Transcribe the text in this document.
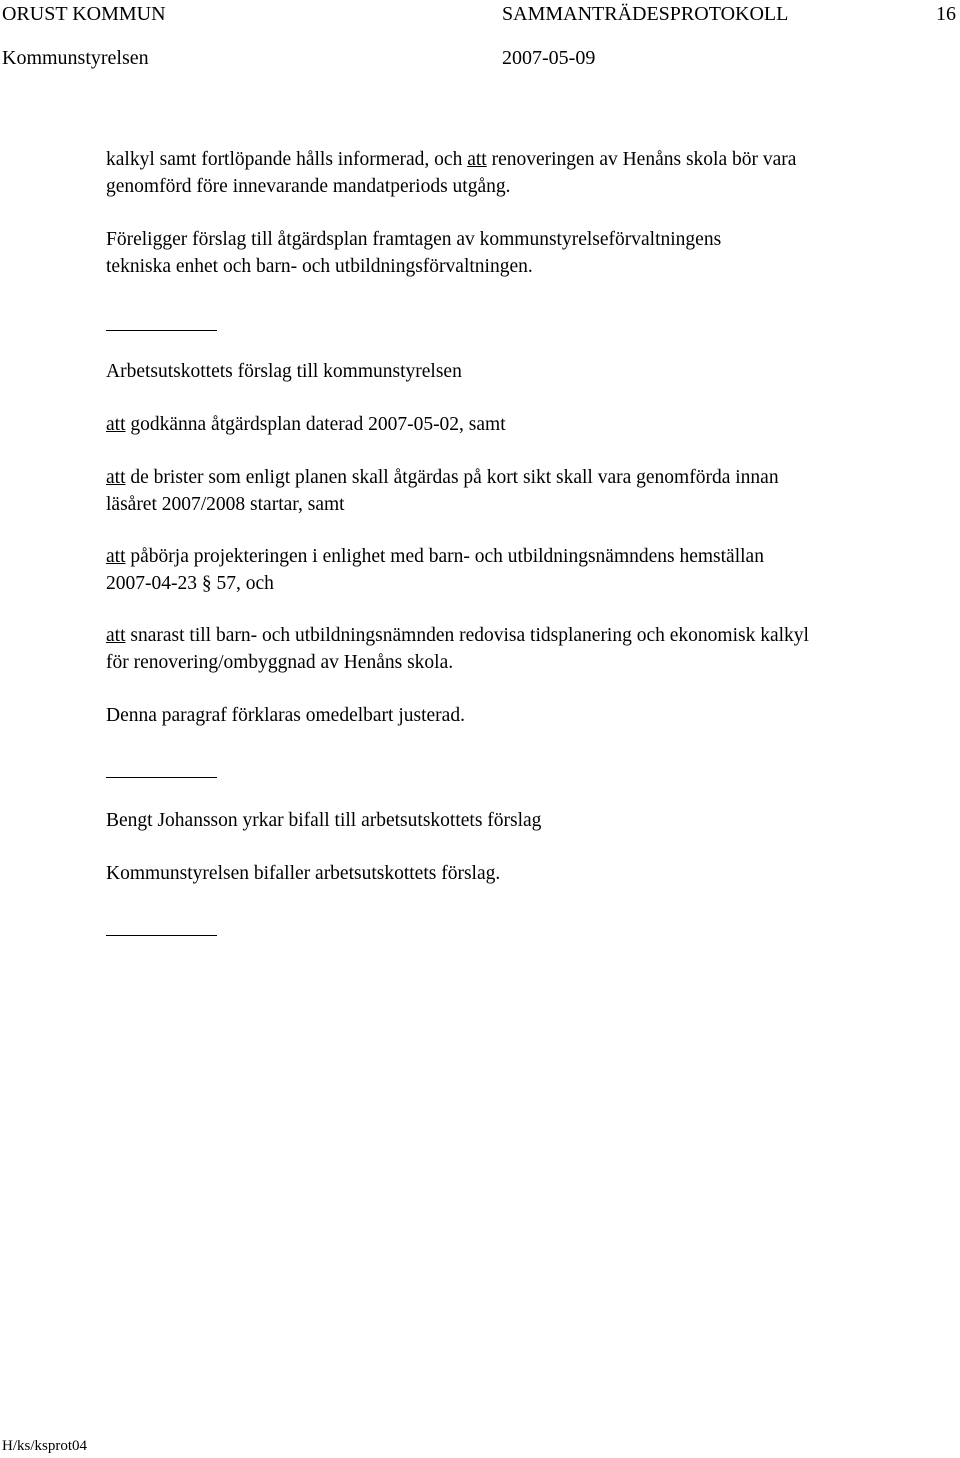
ORUST KOMMUN	SAMMANTRÄDESPROTOKOLL	16
Kommunstyrelsen	2007-05-09
kalkyl samt fortlöpande hålls informerad, och att renoveringen av Henåns skola bör vara
genomförd före innevarande mandatperiods utgång.
Föreligger förslag till åtgärdsplan framtagen av kommunstyrelseförvaltningens
tekniska enhet och barn- och utbildningsförvaltningen.
Arbetsutskottets förslag till kommunstyrelsen
att godkänna åtgärdsplan daterad 2007-05-02, samt
att de brister som enligt planen skall åtgärdas på kort sikt skall vara genomförda innan
läsåret 2007/2008 startar, samt
att påbörja projekteringen i enlighet med barn- och utbildningsnämndens hemställan
2007-04-23 § 57, och
att snarast till barn- och utbildningsnämnden redovisa tidsplanering och ekonomisk kalkyl
för renovering/ombyggnad av Henåns skola.
Denna paragraf förklaras omedelbart justerad.
Bengt Johansson yrkar bifall till arbetsutskottets förslag
Kommunstyrelsen bifaller arbetsutskottets förslag.
H/ks/ksprot04
